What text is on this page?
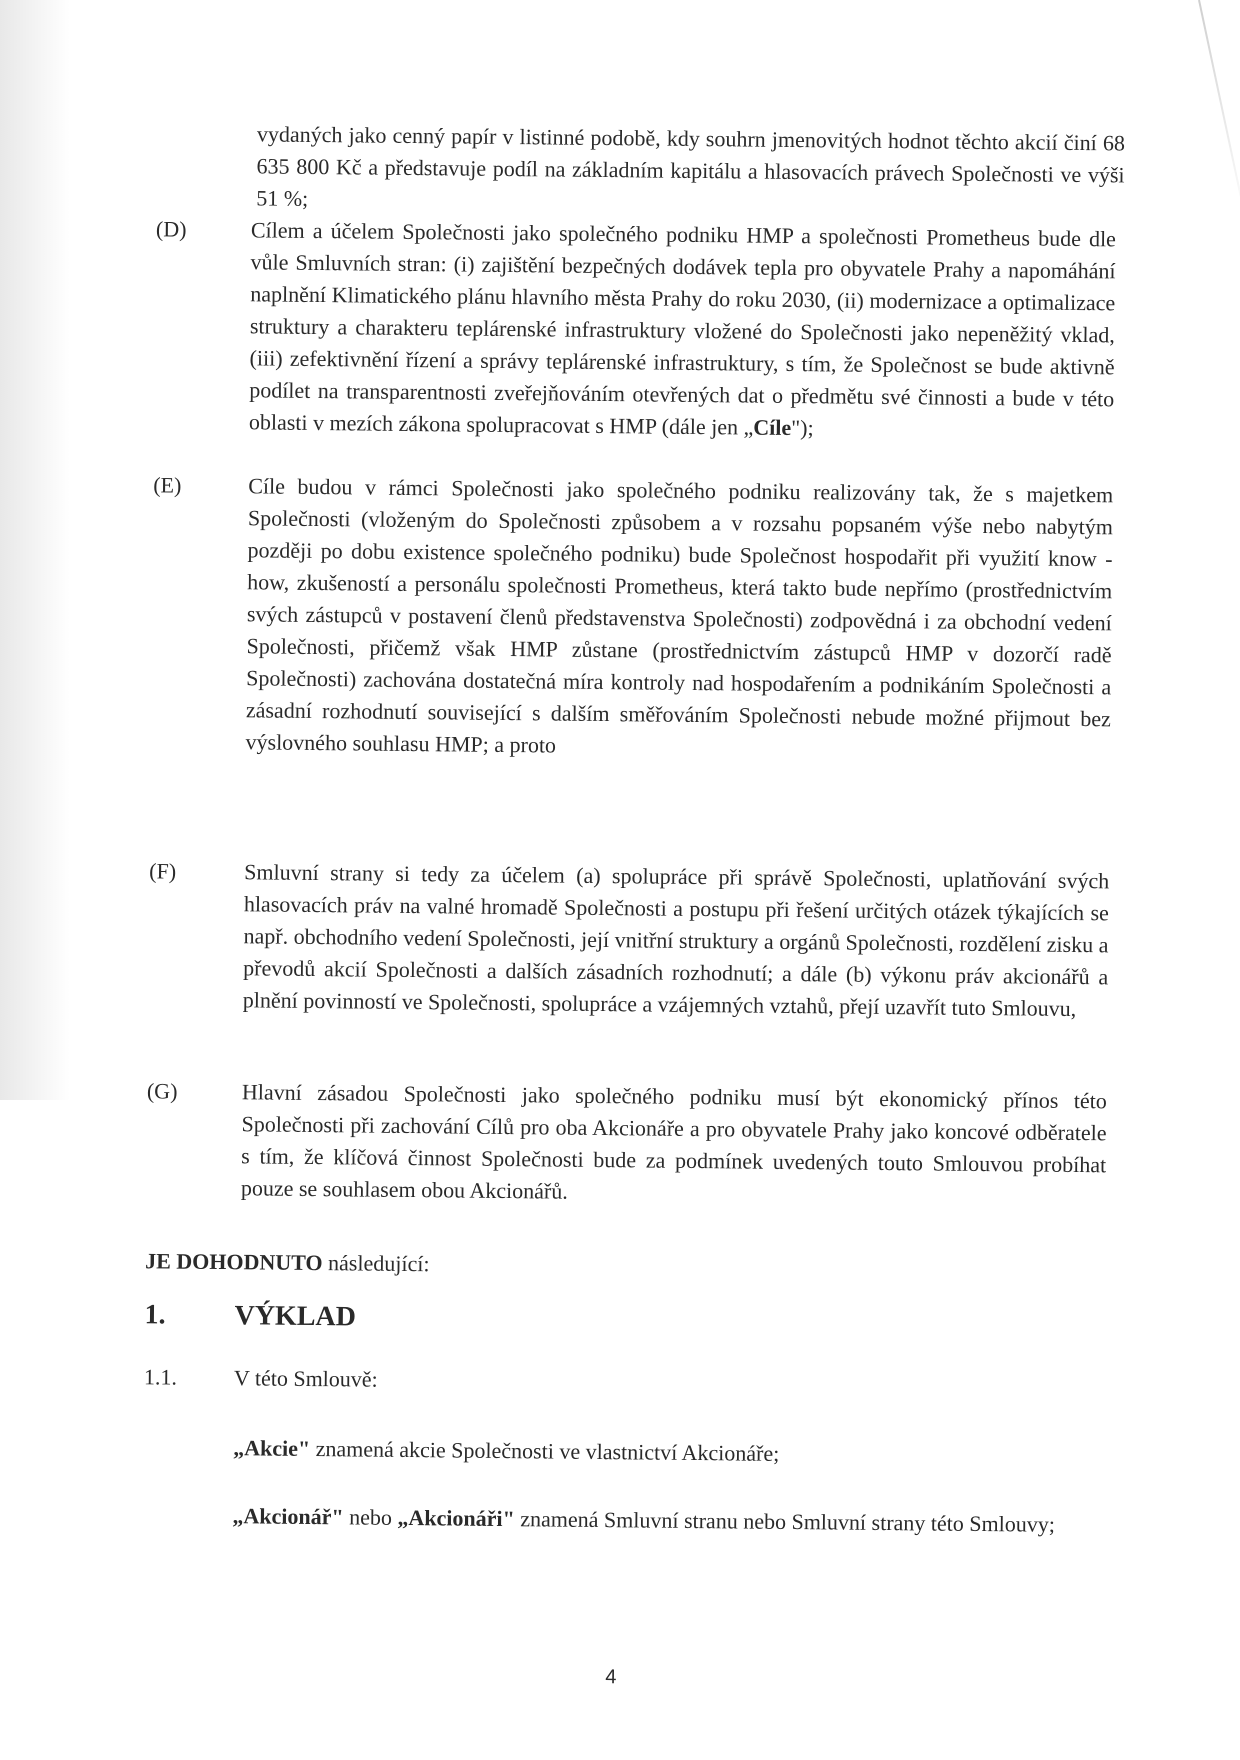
vydaných jako cenný papír v listinné podobě, kdy souhrn jmenovitých hodnot těchto akcií činí 68 635 800 Kč a představuje podíl na základním kapitálu a hlasovacích právech Společnosti ve výši 51 %;

(D)	Cílem a účelem Společnosti jako společného podniku HMP a společnosti Prometheus bude dle vůle Smluvních stran: (i) zajištění bezpečných dodávek tepla pro obyvatele Prahy a napomáhání naplnění Klimatického plánu hlavního města Prahy do roku 2030, (ii) modernizace a optimalizace struktury a charakteru teplárenské infrastruktury vložené do Společnosti jako nepeněžitý vklad, (iii) zefektivnění řízení a správy teplárenské infrastruktury, s tím, že Společnost se bude aktivně podílet na transparentnosti zveřejňováním otevřených dat o předmětu své činnosti a bude v této oblasti v mezích zákona spolupracovat s HMP (dále jen „Cíle");

(E)	Cíle budou v rámci Společnosti jako společného podniku realizovány tak, že s majetkem Společnosti (vloženým do Společnosti způsobem a v rozsahu popsaném výše nebo nabytým později po dobu existence společného podniku) bude Společnost hospodařit při využití know - how, zkušeností a personálu společnosti Prometheus, která takto bude nepřímo (prostřednictvím svých zástupců v postavení členů představenstva Společnosti) zodpovědná i za obchodní vedení Společnosti, přičemž však HMP zůstane (prostřednictvím zástupců HMP v dozorčí radě Společnosti) zachována dostatečná míra kontroly nad hospodařením a podnikáním Společnosti a zásadní rozhodnutí související s dalším směřováním Společnosti nebude možné přijmout bez výslovného souhlasu HMP; a proto

(F)	Smluvní strany si tedy za účelem (a) spolupráce při správě Společnosti, uplatňování svých hlasovacích práv na valné hromadě Společnosti a postupu při řešení určitých otázek týkajících se např. obchodního vedení Společnosti, její vnitřní struktury a orgánů Společnosti, rozdělení zisku a převodů akcií Společnosti a dalších zásadních rozhodnutí; a dále (b) výkonu práv akcionářů a plnění povinností ve Společnosti, spolupráce a vzájemných vztahů, přejí uzavřít tuto Smlouvu,

(G)	Hlavní zásadou Společnosti jako společného podniku musí být ekonomický přínos této Společnosti při zachování Cílů pro oba Akcionáře a pro obyvatele Prahy jako koncové odběratele s tím, že klíčová činnost Společnosti bude za podmínek uvedených touto Smlouvou probíhat pouze se souhlasem obou Akcionářů.

JE DOHODNUTO následující:

1. VÝKLAD
1.1.	V této Smlouvě:

„Akcie" znamená akcie Společnosti ve vlastnictví Akcionáře;

„Akcionář" nebo „Akcionáři" znamená Smluvní stranu nebo Smluvní strany této Smlouvy;

4
